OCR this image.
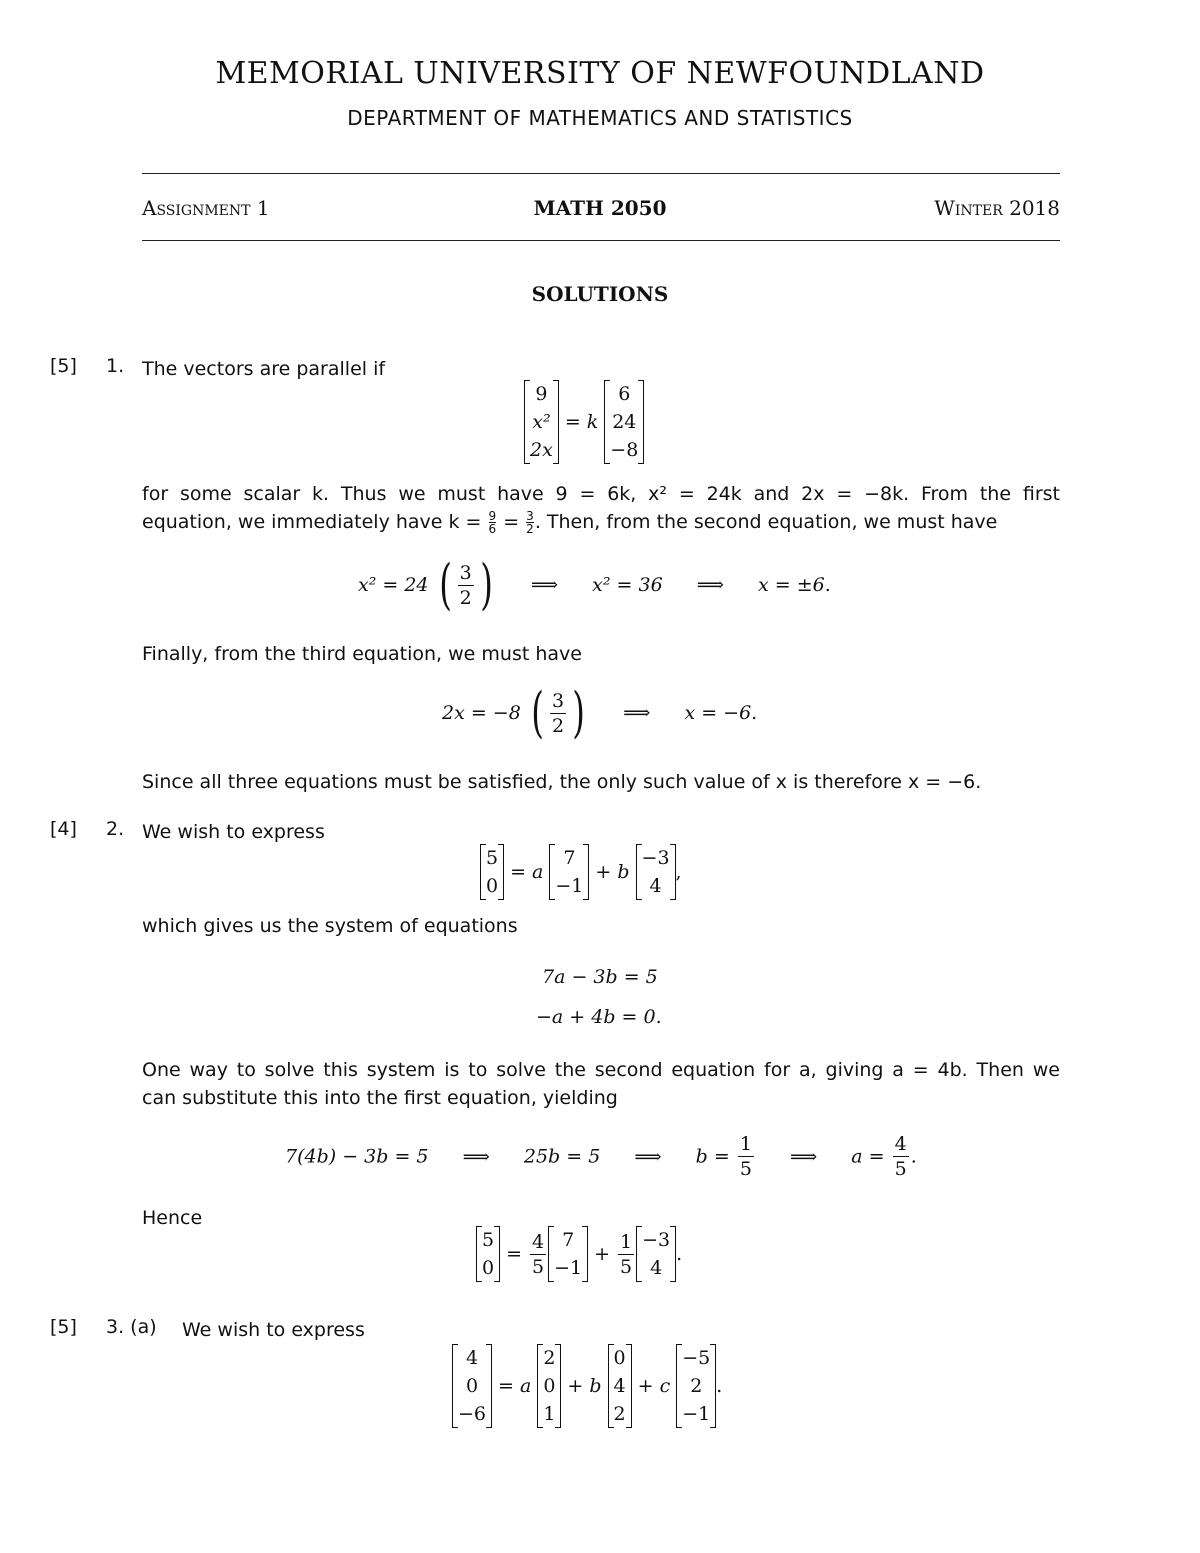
MEMORIAL UNIVERSITY OF NEWFOUNDLAND
DEPARTMENT OF MATHEMATICS AND STATISTICS
Assignment 1	MATH 2050	Winter 2018
SOLUTIONS
[5] 1. The vectors are parallel if
9
x²
2x
= k
6
24
−8
for some scalar k. Thus we must have 9 = 6k, x² = 24k and 2x = −8k. From the first
equation, we immediately have $k = \frac{9}{6} = \frac{3}{2}$ . Then, from the second equation, we must have
x² = 24 ( $\frac{3}{2}$ ) ⟹ x² = 36 ⟹ x = ±6.
Finally, from the third equation, we must have
2x = −8 ( $\frac{3}{2}$ ) ⟹ x = −6.
Since all three equations must be satisfied, the only such value of x is therefore x = −6.
[4] 2. We wish to express
5
0
= a
7
−1
+ b
−3
4
,
which gives us the system of equations
7a − 3b = 5
−a + 4b = 0.
One way to solve this system is to solve the second equation for a, giving a = 4b. Then we
can substitute this into the first equation, yielding
7(4b) − 3b = 5 ⟹ 25b = 5 ⟹ $b = \frac{1}{5}$ ⟹ $a = \frac{4}{5}$ .
Hence
5
0
= $\frac{4}{5} 7$
−1
+ $\frac{1}{5} -3$
4
.
[5] 3. (a) We wish to express
4
0
−6
= a
2
0
1
+ b
0
4
2
+ c
−5
2
−1
.
